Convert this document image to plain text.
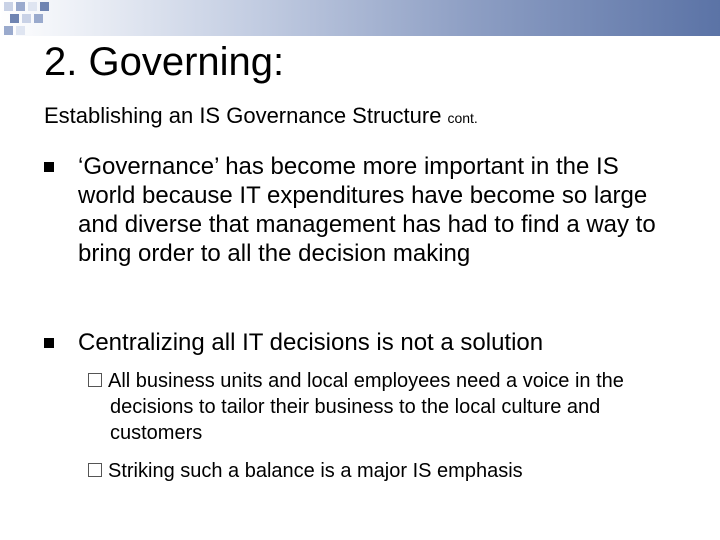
2. Governing:
Establishing an IS Governance Structure cont.
‘Governance’ has become more important in the IS world because IT expenditures have become so large and diverse that management has had to find a way to bring order to all the decision making
Centralizing all IT decisions is not a solution
All business units and local employees need a voice in the decisions to tailor their business to the local culture and customers
Striking such a balance is a major IS emphasis
